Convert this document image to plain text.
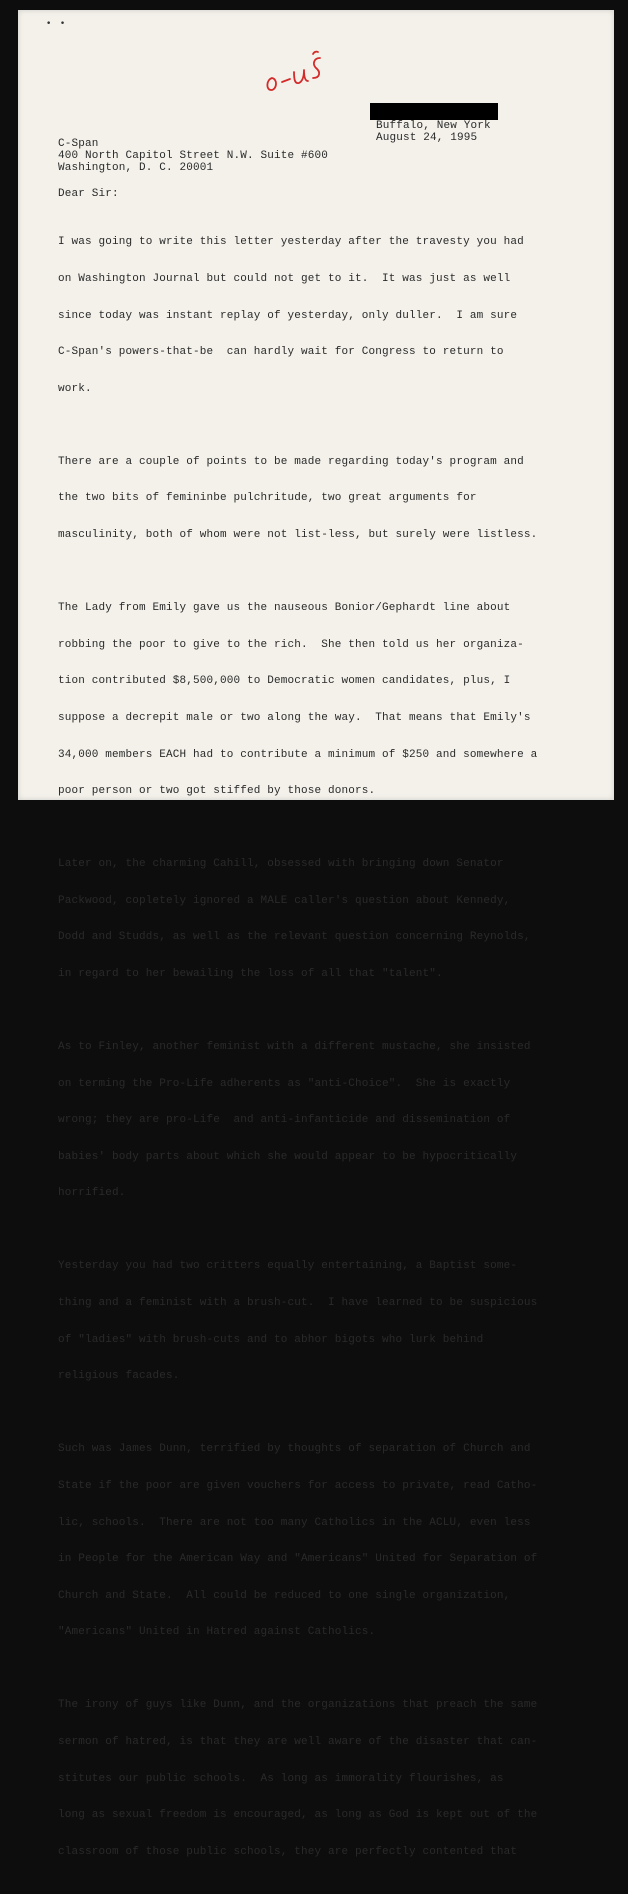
•   •
Buffalo, New York
August 24, 1995
C-Span
400 North Capitol Street N.W. Suite #600
Washington, D. C. 20001
Dear Sir:

I was going to write this letter yesterday after the travesty you had

on Washington Journal but could not get to it.  It was just as well

since today was instant replay of yesterday, only duller.  I am sure

C-Span's powers-that-be  can hardly wait for Congress to return to

work.

There are a couple of points to be made regarding today's program and

the two bits of femininbe pulchritude, two great arguments for

masculinity, both of whom were not list-less, but surely were listless.

The Lady from Emily gave us the nauseous Bonior/Gephardt line about

robbing the poor to give to the rich.  She then told us her organiza-

tion contributed $8,500,000 to Democratic women candidates, plus, I

suppose a decrepit male or two along the way.  That means that Emily's

34,000 members EACH had to contribute a minimum of $250 and somewhere a

poor person or two got stiffed by those donors.

Later on, the charming Cahill, obsessed with bringing down Senator

Packwood, copletely ignored a MALE caller's question about Kennedy,

Dodd and Studds, as well as the relevant question concerning Reynolds,

in regard to her bewailing the loss of all that "talent".

As to Finley, another feminist with a different mustache, she insisted

on terming the Pro-Life adherents as "anti-Choice".  She is exactly

wrong; they are pro-Life  and anti-infanticide and dissemination of

babies' body parts about which she would appear to be hypocritically

horrified.

Yesterday you had two critters equally entertaining, a Baptist some-

thing and a feminist with a brush-cut.  I have learned to be suspicious

of "ladies" with brush-cuts and to abhor bigots who lurk behind

religious facades.

Such was James Dunn, terrified by thoughts of separation of Church and

State if the poor are given vouchers for access to private, read Catho-

lic, schools.  There are not too many Catholics in the ACLU, even less

in People for the American Way and "Americans" United for Separation of

Church and State.  All could be reduced to one single organization,

"Americans" United in Hatred against Catholics.

The irony of guys like Dunn, and the organizations that preach the same

sermon of hatred, is that they are well aware of the disaster that can-

stitutes our public schools.  As long as immorality flourishes, as

long as sexual freedom is encouraged, as long as God is kept out of the

classroom of those public schools, they are perfectly contented that
